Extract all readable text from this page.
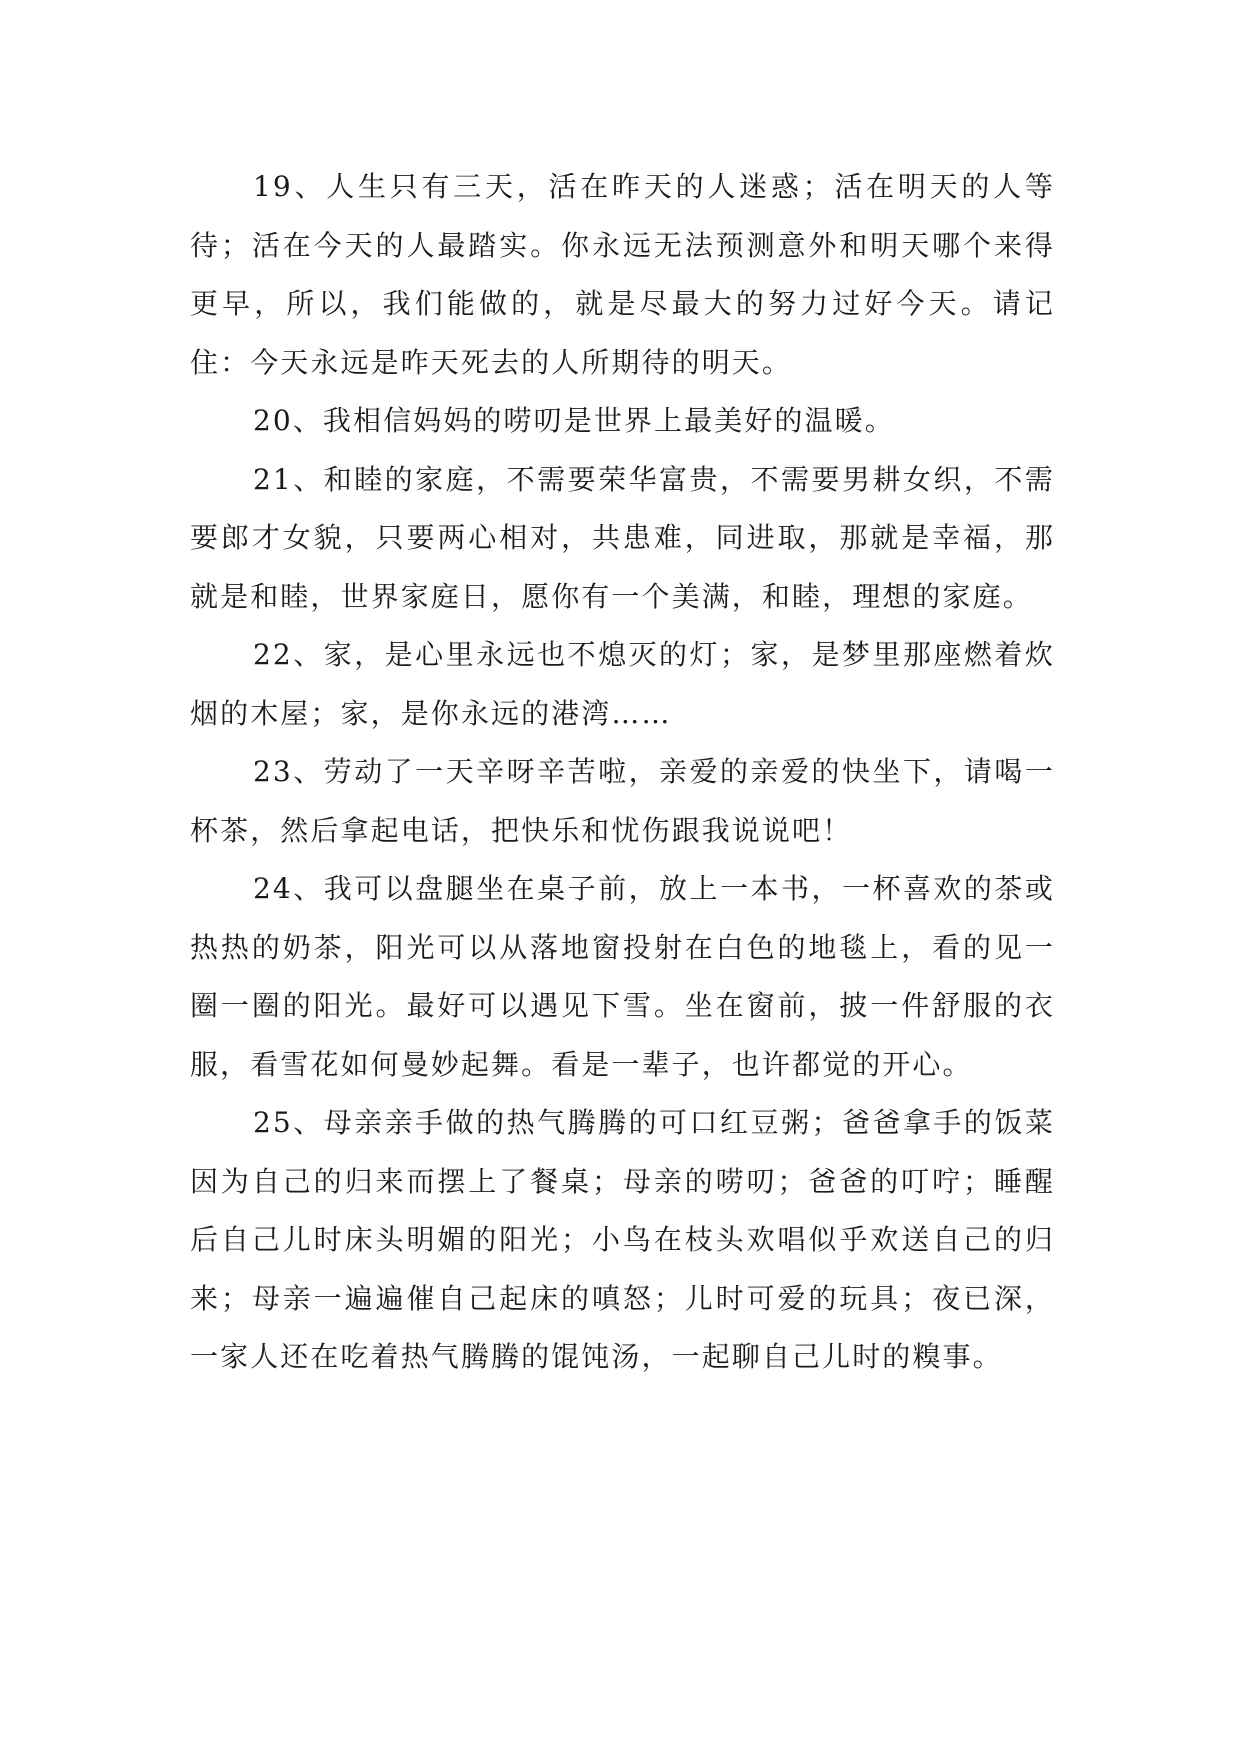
19、人生只有三天，活在昨天的人迷惑；活在明天的人等待；活在今天的人最踏实。你永远无法预测意外和明天哪个来得更早，所以，我们能做的，就是尽最大的努力过好今天。请记住：今天永远是昨天死去的人所期待的明天。

20、我相信妈妈的唠叨是世界上最美好的温暖。

21、和睦的家庭，不需要荣华富贵，不需要男耕女织，不需要郎才女貌，只要两心相对，共患难，同进取，那就是幸福，那就是和睦，世界家庭日，愿你有一个美满，和睦，理想的家庭。

22、家，是心里永远也不熄灭的灯；家，是梦里那座燃着炊烟的木屋；家，是你永远的港湾……

23、劳动了一天辛呀辛苦啦，亲爱的亲爱的快坐下，请喝一杯茶，然后拿起电话，把快乐和忧伤跟我说说吧！

24、我可以盘腿坐在桌子前，放上一本书，一杯喜欢的茶或热热的奶茶，阳光可以从落地窗投射在白色的地毯上，看的见一圈一圈的阳光。最好可以遇见下雪。坐在窗前，披一件舒服的衣服，看雪花如何曼妙起舞。看是一辈子，也许都觉的开心。

25、母亲亲手做的热气腾腾的可口红豆粥；爸爸拿手的饭菜因为自己的归来而摆上了餐桌；母亲的唠叨；爸爸的叮咛；睡醒后自己儿时床头明媚的阳光；小鸟在枝头欢唱似乎欢送自己的归来；母亲一遍遍催自己起床的嗔怒；儿时可爱的玩具；夜已深，一家人还在吃着热气腾腾的馄饨汤，一起聊自己儿时的糗事。
